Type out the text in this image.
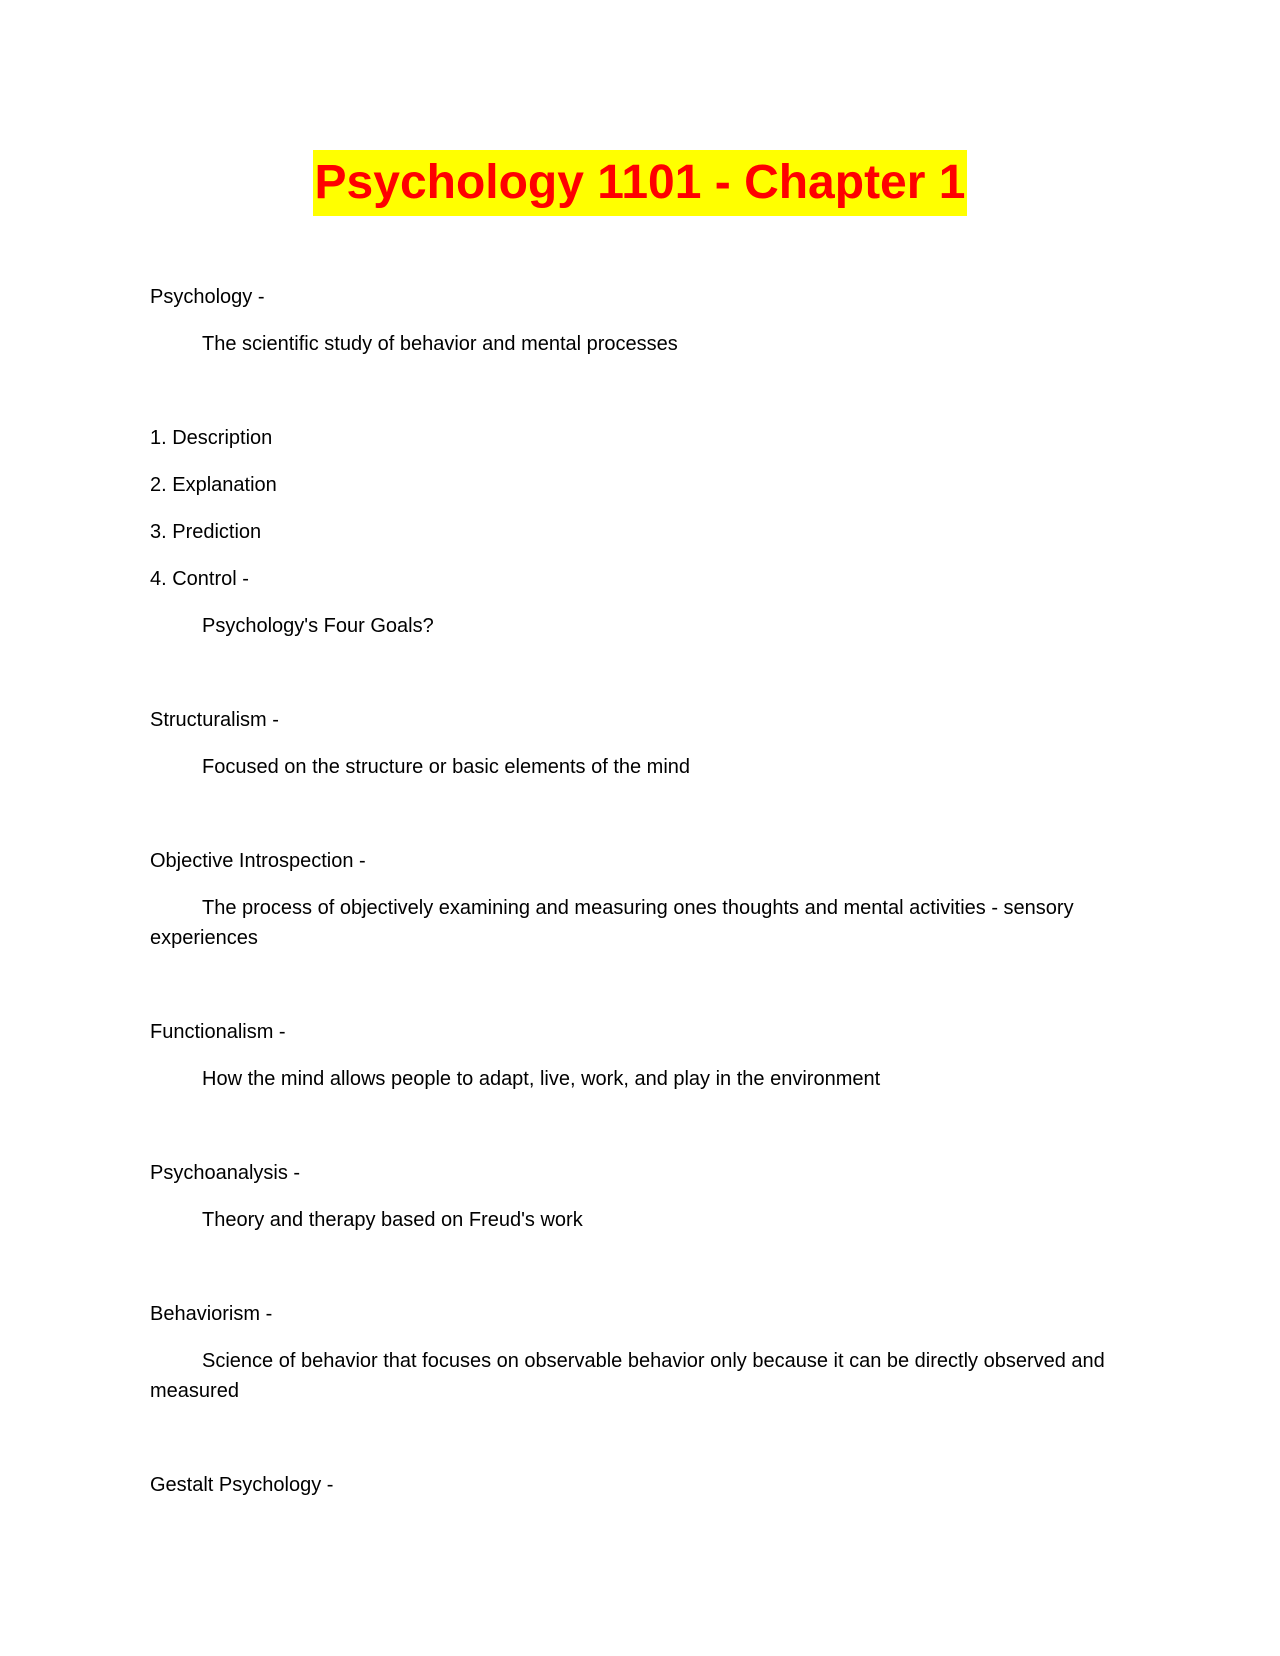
Psychology 1101 - Chapter 1

Psychology -

The scientific study of behavior and mental processes

1. Description

2. Explanation

3. Prediction

4. Control -

Psychology's Four Goals?

Structuralism -

Focused on the structure or basic elements of the mind

Objective Introspection -

The process of objectively examining and measuring ones thoughts and mental activities - sensory experiences

Functionalism -

How the mind allows people to adapt, live, work, and play in the environment

Psychoanalysis -

Theory and therapy based on Freud's work

Behaviorism -

Science of behavior that focuses on observable behavior only because it can be directly observed and measured

Gestalt Psychology -
